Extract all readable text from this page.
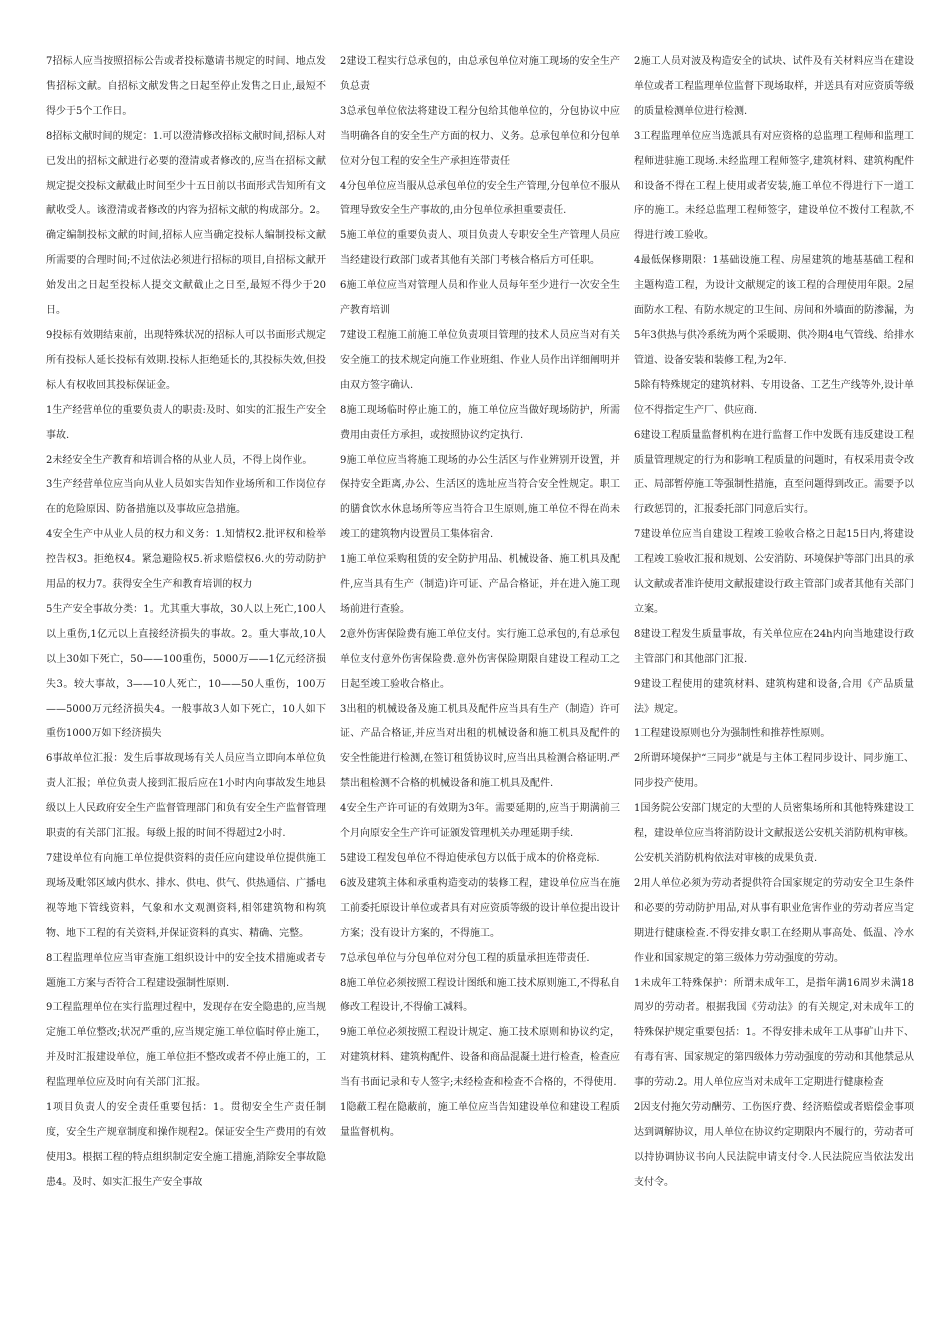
7招标人应当按照招标公告或者投标邀请书规定的时间、地点发售招标文献。自招标文献发售之日起至停止发售之日止,最短不得少于5个工作日。

8招标文献时间的规定：1.可以澄清修改招标文献时间,招标人对已发出的招标文献进行必要的澄清或者修改的,应当在招标文献规定提交投标文献截止时间至少十五日前以书面形式告知所有文献收受人。该澄清或者修改的内容为招标文献的构成部分。2。确定编制投标文献的时间,招标人应当确定投标人编制投标文献所需要的合理时间;不过依法必须进行招标的项目,自招标文献开始发出之日起至投标人提交文献截止之日至,最短不得少于20日。

9投标有效期结束前，出现特殊状况的招标人可以书面形式规定所有投标人延长投标有效期.投标人拒绝延长的,其投标失效,但投标人有权收回其投标保证金。

1生产经营单位的重要负责人的职责:及时、如实的汇报生产安全事故.

2未经安全生产教育和培训合格的从业人员，不得上岗作业。

3生产经营单位应当向从业人员如实告知作业场所和工作岗位存在的危险原因、防备措施以及事故应急措施。

4安全生产中从业人员的权力和义务：1.知情权2.批评权和检举控告权3。拒绝权4。紧急避险权5.祈求赔偿权6.火的劳动防护用品的权力7。获得安全生产和教育培训的权力

5生产安全事故分类：1。尤其重大事故，30人以上死亡,100人以上重伤,1亿元以上直接经济损失的事故。2。重大事故,10人以上30如下死亡，50——100重伤，5000万——1亿元经济损失3。较大事故，3——10人死亡，10——50人重伤，100万——5000万元经济损失4。一般事故3人如下死亡，10人如下重伤1000万如下经济损失

6事故单位汇报：发生后事故现场有关人员应当立即向本单位负责人汇报；单位负责人接到汇报后应在1小时内向事故发生地县级以上人民政府安全生产监督管理部门和负有安全生产监督管理职责的有关部门汇报。每级上报的时间不得超过2小时.

7建设单位有向施工单位提供资料的责任应向建设单位提供施工现场及毗邻区域内供水、排水、供电、供气、供热通信、广播电视等地下管线资料，气象和水文观测资料,相邻建筑物和构筑物、地下工程的有关资料,并保证资料的真实、精确、完整。

8工程监理单位应当审查施工组织设计中的安全技术措施或者专题施工方案与否符合工程建设强制性原则.

9工程监理单位在实行监理过程中，发现存在安全隐患的,应当规定施工单位整改;状况严重的,应当规定施工单位临时停止施工，并及时汇报建设单位，施工单位拒不整改或者不停止施工的，工程监理单位应及时向有关部门汇报。

1项目负责人的安全责任重要包括：1。贯彻安全生产责任制度，安全生产规章制度和操作规程2。保证安全生产费用的有效使用3。根据工程的特点组织制定安全施工措施,消除安全事故隐患4。及时、如实汇报生产安全事故

2建设工程实行总承包的，由总承包单位对施工现场的安全生产负总责

3总承包单位依法将建设工程分包给其他单位的，分包协议中应当明确各自的安全生产方面的权力、义务。总承包单位和分包单位对分包工程的安全生产承担连带责任

4分包单位应当服从总承包单位的安全生产管理,分包单位不服从管理导致安全生产事故的,由分包单位承担重要责任.

5施工单位的重要负责人、项目负责人专职安全生产管理人员应当经建设行政部门或者其他有关部门考核合格后方可任职。

6施工单位应当对管理人员和作业人员每年至少进行一次安全生产教育培训

7建设工程施工前施工单位负责项目管理的技术人员应当对有关安全施工的技术规定向施工作业班组、作业人员作出详细阐明并由双方签字确认.

8施工现场临时停止施工的，施工单位应当做好现场防护，所需费用由责任方承担，或按照协议约定执行.

9施工单位应当将施工现场的办公生活区与作业辨别开设置，并保持安全距离,办公、生活区的选址应当符合安全性规定。职工的膳食饮水休息场所等应当符合卫生原则,施工单位不得在尚未竣工的建筑物内设置员工集体宿舍.

1施工单位采购租赁的安全防护用品、机械设备、施工机具及配件,应当具有生产（制造)许可证、产品合格证，并在进入施工现场前进行查验。

2意外伤害保险费有施工单位支付。实行施工总承包的,有总承包单位支付意外伤害保险费.意外伤害保险期限自建设工程动工之日起至竣工验收合格止。

3出租的机械设备及施工机具及配件应当具有生产（制造）许可证、产品合格证,并应当对出租的机械设备和施工机具及配件的安全性能进行检测,在签订租赁协议时,应当出具检测合格证明.严禁出租检测不合格的机械设备和施工机具及配件.

4安全生产许可证的有效期为3年。需要延期的,应当于期满前三个月向原安全生产许可证颁发管理机关办理延期手续.

5建设工程发包单位不得迫使承包方以低于成本的价格竞标.

6波及建筑主体和承重构造变动的装修工程，建设单位应当在施工前委托原设计单位或者具有对应资质等级的设计单位提出设计方案；没有设计方案的，不得施工。

7总承包单位与分包单位对分包工程的质量承担连带责任.

8施工单位必须按照工程设计图纸和施工技术原则施工,不得私自修改工程设计,不得偷工减料。

9施工单位必须按照工程设计规定、施工技术原则和协议约定，对建筑材料、建筑构配件、设备和商品混凝土进行检查，检查应当有书面记录和专人签字;未经检查和检查不合格的，不得使用.

1隐蔽工程在隐蔽前，施工单位应当告知建设单位和建设工程质量监督机构。

2施工人员对波及构造安全的试块、试件及有关材料应当在建设单位或者工程监理单位监督下现场取样，并送具有对应资质等级的质量检测单位进行检测.

3工程监理单位应当选派具有对应资格的总监理工程师和监理工程师进驻施工现场.未经监理工程师签字,建筑材料、建筑构配件和设备不得在工程上使用或者安装,施工单位不得进行下一道工序的施工。未经总监理工程师签字，建设单位不拨付工程款,不得进行竣工验收。

4最低保修期限：1基础设施工程、房屋建筑的地基基础工程和主题构造工程，为设计文献规定的该工程的合理使用年限。2屋面防水工程、有防水规定的卫生间、房间和外墙面的防渗漏，为5年3供热与供冷系统为两个采暖期、供冷期4电气管线、给排水管道、设备安装和装修工程,为2年.

5除有特殊规定的建筑材料、专用设备、工艺生产线等外,设计单位不得指定生产厂、供应商.

6建设工程质量监督机构在进行监督工作中发既有违反建设工程质量管理规定的行为和影响工程质量的问题时，有权采用责令改正、局部暂停施工等强制性措施，直至问题得到改正。需要予以行政惩罚的，汇报委托部门同意后实行。

7建设单位应当自建设工程竣工验收合格之日起15日内,将建设工程竣工验收汇报和规划、公安消防、环境保护等部门出具的承认文献或者准许使用文献报建设行政主管部门或者其他有关部门立案。

8建设工程发生质量事故，有关单位应在24h内向当地建设行政主管部门和其他部门汇报.

9建设工程使用的建筑材料、建筑构建和设备,合用《产品质量法》规定。

1工程建设原则也分为强制性和推荐性原则。

2所谓环境保护“三同步”就是与主体工程同步设计、同步施工、同步投产使用。

1国务院公安部门规定的大型的人员密集场所和其他特殊建设工程，建设单位应当将消防设计文献报送公安机关消防机构审核。公安机关消防机构依法对审核的成果负责.

2用人单位必须为劳动者提供符合国家规定的劳动安全卫生条件和必要的劳动防护用品,对从事有职业危害作业的劳动者应当定期进行健康检查.不得安排女职工在经期从事高处、低温、冷水作业和国家规定的第三级体力劳动强度的劳动。

1未成年工特殊保护：所谓未成年工，是指年满16周岁未满18周岁的劳动者。根据我国《劳动法》的有关规定,对未成年工的特殊保护规定重要包括：1。不得安排未成年工从事矿山井下、有毒有害、国家规定的第四级体力劳动强度的劳动和其他禁忌从事的劳动.2。用人单位应当对未成年工定期进行健康检查

2因支付拖欠劳动酬劳、工伤医疗费、经济赔偿或者赔偿金事项达到调解协议，用人单位在协议约定期限内不履行的，劳动者可以持协调协议书向人民法院申请支付令.人民法院应当依法发出支付令。
